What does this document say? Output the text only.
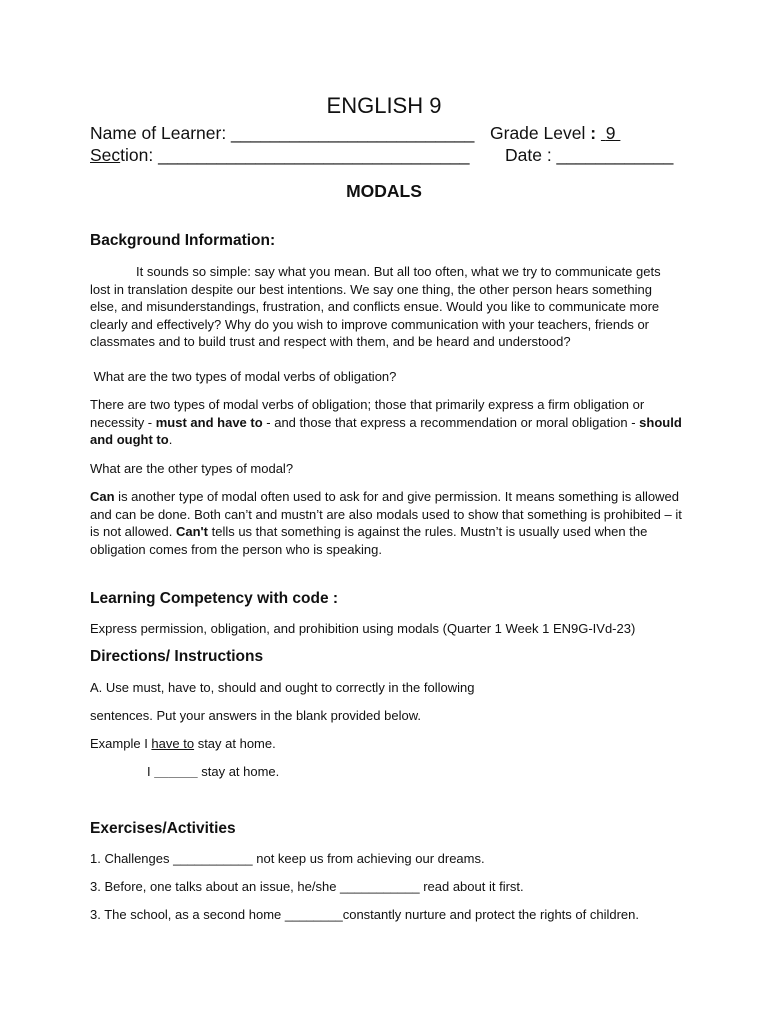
ENGLISH 9
Name of Learner: _________________________ Grade Level :  9
Section: ________________________________ Date : ____________
MODALS
Background Information:
It sounds so simple: say what you mean. But all too often, what we try to communicate gets lost in translation despite our best intentions. We say one thing, the other person hears something else, and misunderstandings, frustration, and conflicts ensue. Would you like to communicate more clearly and effectively? Why do you wish to improve communication with your teachers, friends or classmates and to build trust and respect with them, and be heard and understood?
What are the two types of modal verbs of obligation?
There are two types of modal verbs of obligation; those that primarily express a firm obligation or necessity - must and have to - and those that express a recommendation or moral obligation - should and ought to.
What are the other types of modal?
Can is another type of modal often used to ask for and give permission. It means something is allowed and can be done. Both can’t and mustn’t are also modals used to show that something is prohibited – it is not allowed. Can't tells us that something is against the rules. Mustn’t is usually used when the obligation comes from the person who is speaking.
Learning Competency with code :
Express permission, obligation, and prohibition using modals (Quarter 1 Week 1 EN9G-IVd-23)
Directions/ Instructions
A. Use must, have to, should and ought to correctly in the following
sentences. Put your answers in the blank provided below.
Example I have to stay at home.
I ______ stay at home.
Exercises/Activities
1. Challenges ___________ not keep us from achieving our dreams.
3. Before, one talks about an issue, he/she ___________ read about it first.
3. The school, as a second home ________constantly nurture and protect the rights of children.
